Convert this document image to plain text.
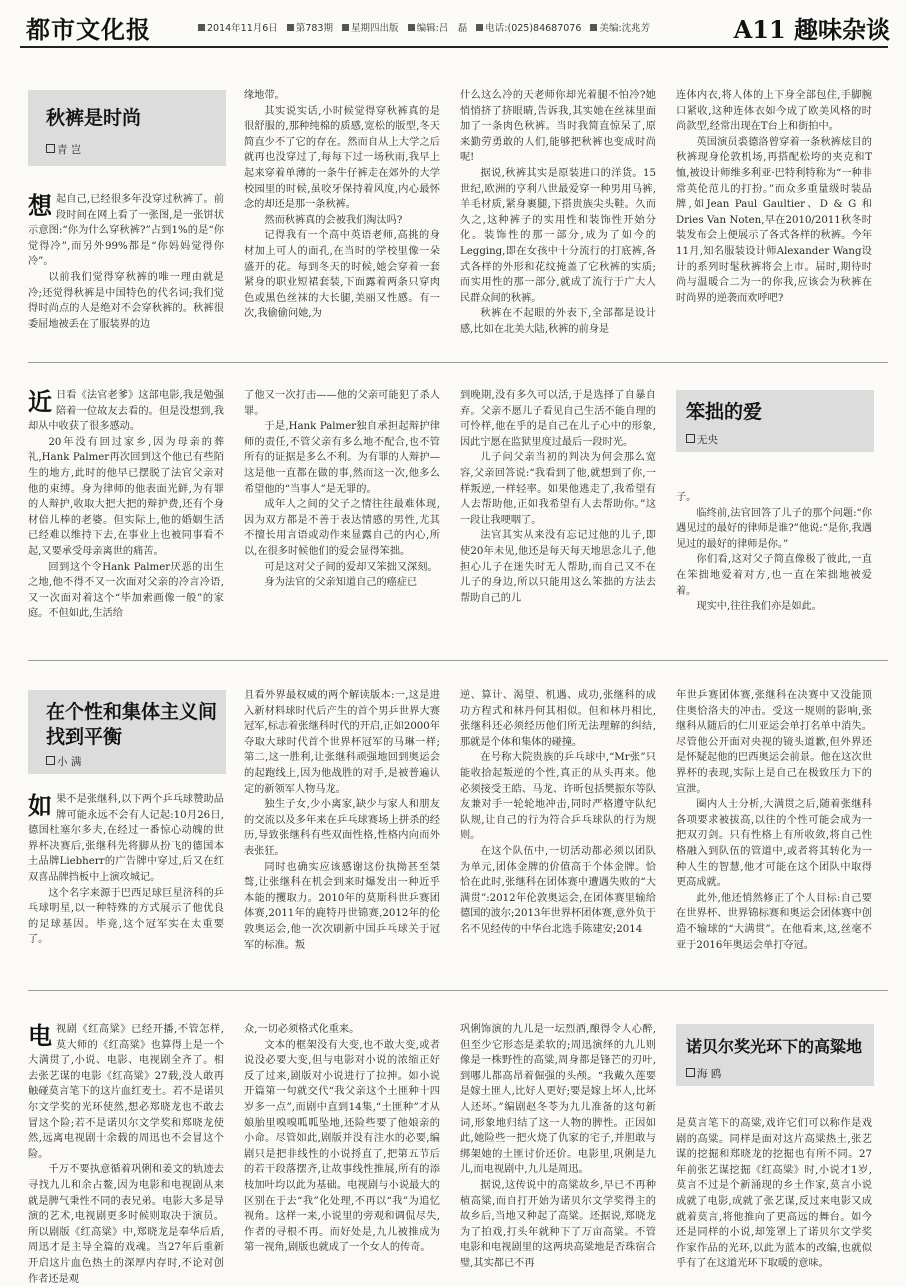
都市文化报	2014年11月6日 第783期 星期四出版 编辑:吕　磊 电话:(025)84687076 美编:沈兆芳	A11 趣味杂谈
秋裤是时尚
青 岂

想起自己,已经很多年没穿过秋裤了。前段时间在网上看了一张图,是一张饼状示意图:“你为什么穿秋裤?”占到1%的是“你觉得冷”,而另外99%都是“你妈妈觉得你冷”。

以前我们觉得穿秋裤的唯一理由就是冷;还觉得秋裤是中国特色的代名词;我们觉得时尚点的人是绝对不会穿秋裤的。秋裤很委屈地被丢在了服装界的边

缘地带。

其实说实话,小时候觉得穿秋裤真的是很舒服的,那种纯棉的质感,宽松的版型,冬天简直少不了它的存在。然而自从上大学之后就再也没穿过了,每每下过一场秋雨,我早上起来穿着单薄的一条牛仔裤走在郊外的大学校园里的时候,虽咬牙保持着风度,内心最怀念的却还是那一条秋裤。

然而秋裤真的会被我们淘汰吗?

记得我有一个高中英语老师,高挑的身材加上可人的面孔,在当时的学校里像一朵盛开的花。每到冬天的时候,她会穿着一套紧身的职业短裙套装,下面露着两条只穿肉色或黑色丝袜的大长腿,美丽又性感。有一次,我偷偷问她,为

什么这么冷的天老师你却光着腿不怕冷?她悄悄挤了挤眼睛,告诉我,其实她在丝袜里面加了一条肉色秋裤。当时我简直惊呆了,原来勤劳勇敢的人们,能够把秋裤也变成时尚呢!

据说,秋裤其实是原装进口的洋货。15世纪,欧洲的亨利八世最爱穿一种男用马裤,羊毛材质,紧身裹腿,下搭贵族尖头鞋。久而久之,这种裤子的实用性和装饰性开始分化。装饰性的那一部分,成为了如今的Legging,即在女孩中十分流行的打底裤,各式各样的外形和花纹掩盖了它秋裤的实质;而实用性的那一部分,就成了流行于广大人民群众间的秋裤。

秋裤在不起眼的外表下,全部都是设计感,比如在北美大陆,秋裤的前身是

连体内衣,将人体的上下身全部包住,手脚腕口紧收,这种连体衣如今成了欧美风格的时尚款型,经常出现在T台上和街拍中。

英国演员裘德洛曾穿着一条秋裤炫目的秋裤现身伦敦机场,再搭配松垮的夹克和T恤,被设计师维多利亚·巴特利特称为“一种非常英伦范儿的打扮。”而众多重量级时装品牌,如Jean Paul Gaultier、D & G 和 Dries Van Noten,早在2010/2011秋冬时装发布会上便展示了各式各样的秋裤。今年11月,知名服装设计师Alexander Wang设计的系列时髦秋裤将会上市。届时,期待时尚与温暖合二为一的你我,应该会为秋裤在时尚界的逆袭而欢呼吧?

近日看《法官老爹》这部电影,我是勉强陪着一位故友去看的。但是没想到,我却从中收获了很多感动。

20年没有回过家乡,因为母亲的葬礼,Hank Palmer再次回到这个他已有些陌生的地方,此时的他早已摆脱了法官父亲对他的束缚。身为律师的他表面光鲜,为有罪的人辩护,收取大把大把的辩护费,还有个身材倍儿棒的老婆。但实际上,他的婚姻生活已经难以维持下去,在事业上也被同事看不起,又要承受母亲离世的痛苦。

回到这个令Hank Palmer厌恶的出生之地,他不得不又一次面对父亲的冷言冷语,又一次面对着这个“毕加索画像一般”的家庭。不但如此,生活给

了他又一次打击——他的父亲可能犯了杀人罪。

于是,Hank Palmer独自承担起辩护律师的责任,不管父亲有多么地不配合,也不管所有的证据是多么不利。为有罪的人辩护—这是他一直都在做的事,然而这一次,他多么希望他的“当事人”是无罪的。

成年人之间的父子之情往往最难体现,因为双方都是不善于表达情感的男性,尤其不擅长用言语或动作来显露自己的内心,所以,在很多时候他们的爱会显得笨拙。

可是这对父子间的爱却又笨拙又深刻。

身为法官的父亲知道自己的癌症已

到晚期,没有多久可以活,于是选择了自暴自弃。父亲不愿儿子看见自己生活不能自理的可怜样,他在乎的是自己在儿子心中的形象,因此宁愿在监狱里度过最后一段时光。

儿子问父亲当初的判决为何会那么宽容,父亲回答说:“我看到了他,就想到了你,一样叛逆,一样轻率。如果他逃走了,我希望有人去帮助他,正如我希望有人去帮助你。”这一段让我哽咽了。

法官其实从来没有忘记过他的儿子,即使20年未见,他还是每天每天地思念儿子,他担心儿子在迷失时无人帮助,而自己又不在儿子的身边,所以只能用这么笨拙的方法去帮助自己的儿

笨拙的爱
无央

子。

临终前,法官回答了儿子的那个问题:“你遇见过的最好的律师是谁?”他说:“是你,我遇见过的最好的律师是你。”

你们看,这对父子简直像极了彼此,一直在笨拙地爱着对方,也一直在笨拙地被爱着。

现实中,往往我们亦是如此。

在个性和集体主义间找到平衡
小 满

如果不是张继科,以下两个乒乓球赞助品牌可能永远不会有人记起:10月26日,德国杜塞尔多夫,在经过一番惊心动魄的世界杯决赛后,张继科先将脚从扮飞的德国本土品牌Liebherr的广告牌中穿过,后又在红双喜品牌挡板中上演攻城记。

这个名字来源于巴西足球巨星济科的乒乓球明星,以一种特殊的方式展示了他优良的足球基因。毕竟,这个冠军实在太重要了。

且看外界最权威的两个解读版本:一,这是进入新材料球时代后产生的首个男乒世界大赛冠军,标志着张继科时代的开启,正如2000年夺取大球时代首个世界杯冠军的马琳一样;第二,这一胜利,让张继科顽强地回到奥运会的起跑线上,因为他战胜的对手,是被普遍认定的新领军人物马龙。

独生子女,少小离家,缺少与家人和朋友的交流以及多年来在乒乓球赛场上拼杀的经历,导致张继科有些双面性格,性格内向而外表张狂。

同时也确实应该感谢这份执拗甚至桀骜,让张继科在机会到来时爆发出一种近乎本能的攫取力。2010年的莫斯科世乒赛团体赛,2011年的鹿特丹世锦赛,2012年的伦敦奥运会,他一次次刷新中国乒乓球关于冠军的标准。叛

逆、算计、渴望、机遇、成功,张继科的成功方程式和林丹何其相似。但和林丹相比,张继科还必须经历他们所无法理解的纠结,那就是个体和集体的碰撞。

在号称大院贵族的乒乓球中,“Mr张”只能收拾起叛逆的个性,真正的从头再来。他必须接受王皓、马龙、许昕包括樊振东等队友兼对手一轮轮地冲击,同时严格遵守队纪队规,让自己的行为符合乒乓球队的行为规则。

在这个队伍中,一切活动都必须以团队为单元,团体金牌的价值高于个体金牌。恰恰在此时,张继科在团体赛中遭遇失败的“大满贯”:2012年伦敦奥运会,在团体赛里输给德国的波尔;2013年世界杯团体赛,意外负于名不见经传的中华台北选手陈建安;2014

年世乒赛团体赛,张继科在决赛中又没能顶住奥恰洛夫的冲击。受这一规则的影响,张继科从随后的仁川亚运会单打名单中消失。尽管他公开面对央视的镜头道歉,但外界还是怀疑起他的巴西奥运会前景。他在这次世界杯的表现,实际上是自己在极致压力下的宣泄。

圈内人士分析,大满贯之后,随着张继科各项要求被拔高,以往的个性可能会成为一把双刃剑。只有性格上有所收敛,将自己性格融入到队伍的管道中,或者将其转化为一种人生的智慧,他才可能在这个团队中取得更高成就。

此外,他还悄然修正了个人目标:自己要在世界杯、世界锦标赛和奥运会团体赛中创造不输球的“大满贯”。在他看来,这,丝毫不亚于2016年奥运会单打夺冠。

电视剧《红高粱》已经开播,不管怎样,莫大师的《红高粱》也算得上是一个大满贯了,小说、电影、电视剧全齐了。相去张艺谋的电影《红高粱》27载,没人敢再触碰莫言笔下的这片血红麦土。若不是诺贝尔文学奖的光环使然,想必郑晓龙也不敢去冒这个险;若不是诺贝尔文学奖和郑晓龙使然,远离电视剧十余载的周迅也不会冒这个险。

千万不要执意循着巩俐和姜文的轨迹去寻找九儿和余占鳌,因为电影和电视剧从来就是脾气秉性不同的表兄弟。电影大多是导演的艺术,电视剧更多时候则取决于演员。所以剧版《红高粱》中,郑晓龙是奉华后盾,周迅才是主导全篇的戏魂。当27年后重新开启这片血色热土的深厚内存时,不论对创作者还是观

众,一切必须格式化重来。

文本的框架没有大变,也不敢大变,或者说没必要大变,但与电影对小说的浓缩正好反了过来,剧版对小说进行了拉抻。如小说开篇第一句就交代“我父亲这个土匪种十四岁多一点”,而剧中直到14集,“土匪种”才从娘胎里嗅嗅呱呱坠地,还险些要了他娘亲的小命。尽管如此,剧版并没有注水的必要,编剧只是把非线性的小说捋直了,把第五节后的若干段落摆齐,让故事线性推展,所有的添枝加叶均以此为基础。电视剧与小说最大的区别在于去“我”化处理,不再以“我”为追忆视角。这样一来,小说里的旁观和调侃尽失,作者的寻根不再。而好处是,九儿被推成为第一视角,剧版也就成了一个女人的传奇。

巩俐饰演的九儿是一坛烈酒,酿得令人心醉,但至少它形态是柔软的;周迅演绎的九儿则像是一株野性的高粱,周身都是锋芒的刃叶,到哪儿都高昂着倔强的头颅。“我戴久莲要是嫁土匪人,比好人更好;要是嫁上坏人,比坏人还坏。”编剧赵冬苓为九儿准备的这句新词,形象地归结了这一人物的脾性。正因如此,她险些一把火烧了仇家的宅子,并胆敢与绑架她的土匪讨价还价。电影里,巩俐是九儿,而电视剧中,九儿是周迅。

据说,这传说中的高粱故乡,早已不再种植高粱,而自打开始为诺贝尔文学奖得主的故乡后,当地又种起了高粱。还据说,郑晓龙为了拍戏,打头年就种下了万亩高粱。不管电影和电视剧里的这两块高粱地是否珠宿合璧,其实都已不再

诺贝尔奖光环下的高粱地
海 鸥

是莫言笔下的高粱,戏许它们可以称作是戏剧的高粱。同样是面对这片高粱热土,张艺谋的挖掘和郑晓龙的挖掘也有所不同。27年前张艺谋挖掘《红高粱》时,小说才1岁,莫言不过是个新涌现的乡土作家,莫言小说成就了电影,成就了张艺谋,反过来电影又成就着莫言,将他推向了更高远的舞台。如今还是同样的小说,却笼罩上了诺贝尔文学奖作家作品的光环,以此为蓝本的改编,也就似乎有了在这道光环下取暖的意味。
